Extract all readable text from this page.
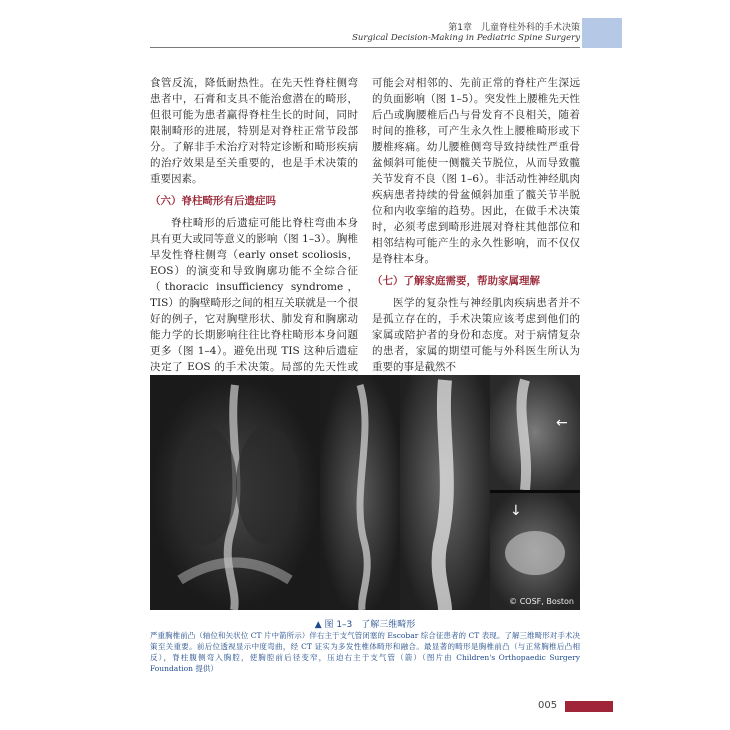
第1章　儿童脊柱外科的手术决策
Surgical Decision-Making in Pediatric Spine Surgery

食管反流，降低耐热性。在先天性脊柱侧弯患者中，石膏和支具不能治愈潜在的畸形，但很可能为患者赢得脊柱生长的时间，同时限制畸形的进展，特别是对脊柱正常节段部分。了解非手术治疗对特定诊断和畸形疾病的治疗效果是至关重要的，也是手术决策的重要因素。

（六）脊柱畸形有后遗症吗

脊柱畸形的后遗症可能比脊柱弯曲本身具有更大或同等意义的影响（图 1–3）。胸椎早发性脊柱侧弯（early onset scoliosis，EOS）的演变和导致胸廓功能不全综合征（thoracic insufficiency syndrome，TIS）的胸壁畸形之间的相互关联就是一个很好的例子，它对胸壁形状、肺发育和胸廓动能力学的长期影响往往比脊柱畸形本身问题更多（图 1–4）。避免出现 TIS 这种后遗症决定了 EOS 的手术决策。局部的先天性或

可能会对相邻的、先前正常的脊柱产生深远的负面影响（图 1–5）。突发性上腰椎先天性后凸或胸腰椎后凸与骨发育不良相关，随着时间的推移，可产生永久性上腰椎畸形或下腰椎疼痛。幼儿腰椎侧弯导致持续性严重骨盆倾斜可能使一侧髋关节脱位，从而导致髋关节发育不良（图 1–6）。非活动性神经肌肉疾病患者持续的骨盆倾斜加重了髋关节半脱位和内收挛缩的趋势。因此，在做手术决策时，必须考虑到畸形进展对脊柱其他部位和相邻结构可能产生的永久性影响，而不仅仅是脊柱本身。

（七）了解家庭需要，帮助家属理解

医学的复杂性与神经肌肉疾病患者并不是孤立存在的，手术决策应该考虑到他们的家属或陪护者的身份和态度。对于病情复杂的患者，家属的期望可能与外科医生所认为重要的事是截然不

←
↓
© COSF, Boston
▲ 图 1–3　了解三维畸形
严重胸椎前凸（轴位和矢状位 CT 片中箭所示）伴右主于支气管闭塞的 Escobar 综合征患者的 CT 表现。了解三维畸形对手术决策至关重要。前后位透视显示中度弯曲，经 CT 证实为多发性椎体畸形和融合。最显著的畸形是胸椎前凸（与正常胸椎后凸相反），脊柱腹侧弯入胸腔，使胸腔前后径变窄，压迫右主于支气管（箭）（图片由 Children's Orthopaedic Surgery Foundation 提供）
005
